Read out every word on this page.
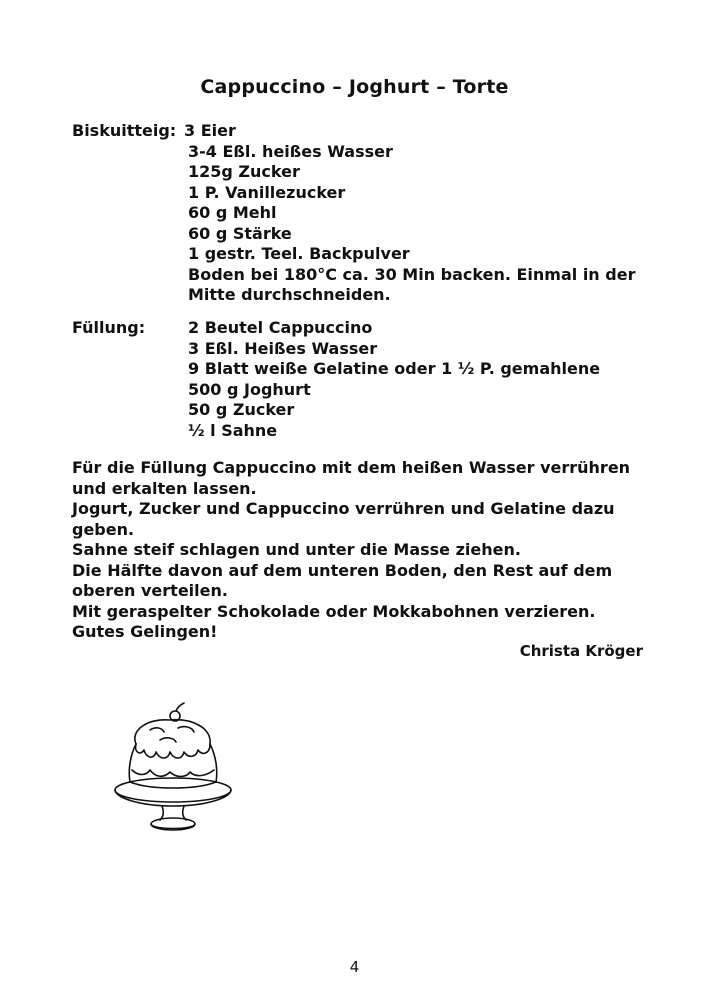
Cappuccino – Joghurt – Torte
Biskuitteig: 3 Eier
3-4 Eßl. heißes Wasser
125g Zucker
1 P. Vanillezucker
60 g Mehl
60 g Stärke
1 gestr. Teel. Backpulver
Boden bei 180°C ca. 30 Min backen. Einmal in der Mitte durchschneiden.
Füllung:	2 Beutel Cappuccino
3 Eßl. Heißes Wasser
9 Blatt weiße Gelatine oder 1 ½ P. gemahlene
500 g Joghurt
50 g Zucker
½ l Sahne
Für die Füllung Cappuccino mit dem heißen Wasser verrühren und erkalten lassen.
Jogurt, Zucker und Cappuccino verrühren und Gelatine dazu geben.
Sahne steif schlagen und unter die Masse ziehen.
Die Hälfte davon auf dem unteren Boden, den Rest auf dem oberen verteilen.
Mit geraspelter Schokolade oder Mokkabohnen verzieren.
Gutes Gelingen!
Christa Kröger
4
